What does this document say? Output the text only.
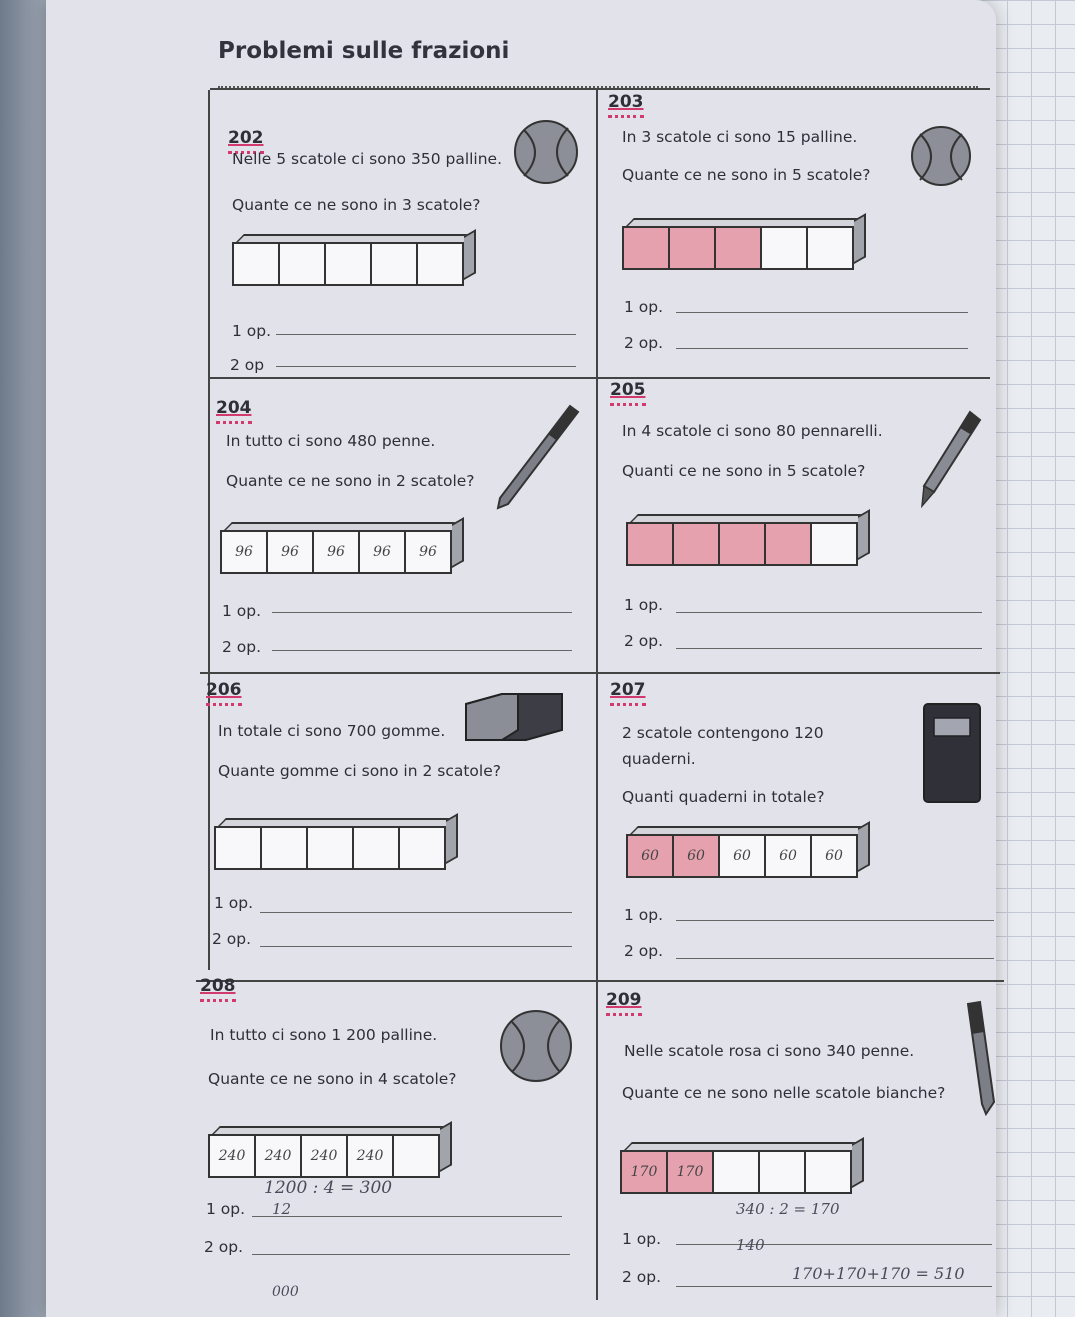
Problemi sulle frazioni
202
Nelle 5 scatole ci sono 350 palline.
Quante ce ne sono in 3 scatole?
1 op.
2 op
203
In 3 scatole ci sono 15 palline.
Quante ce ne sono in 5 scatole?
1 op.
2 op.
204
In tutto ci sono 480 penne.
Quante ce ne sono in 2 scatole?
96	96	96	96	96
1 op.
2 op.
205
In 4 scatole ci sono 80 pennarelli.
Quanti ce ne sono in 5 scatole?
1 op.
2 op.
206
In totale ci sono 700 gomme.
Quante gomme ci sono in 2 scatole?
1 op.
2 op.
207
2 scatole contengono 120
quaderni.
Quanti quaderni in totale?
60	60	60	60	60
1 op.
2 op.
208
In tutto ci sono 1 200 palline.
Quante ce ne sono in 4 scatole?
240	240	240	240
1 op.
2 op.
1200 : 4 = 300
12
000
209
Nelle scatole rosa ci sono 340 penne.
Quante ce ne sono nelle scatole bianche?
170	170
1 op.
2 op.
340 : 2 = 170
140
170+170+170 = 510
